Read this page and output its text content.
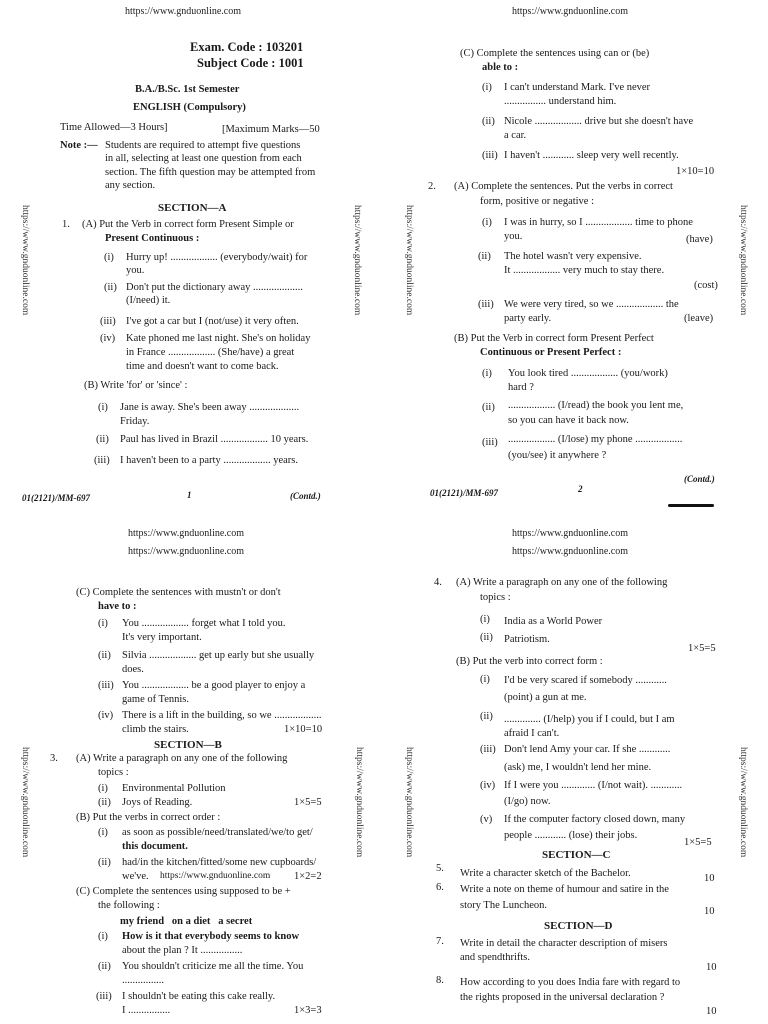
https://www.gnduonline.com
https://www.gnduonline.com	https://www.gnduonline.com
Exam. Code : 103201
Subject Code : 1001
B.A./B.Sc. 1st Semester
ENGLISH (Compulsory)
Time Allowed—3 Hours]	[Maximum Marks—50
Note :— Students are required to attempt five questions
in all, selecting at least one question from each
section. The fifth question may be attempted from
any section.
SECTION—A
1. (A) Put the Verb in correct form Present Simple or
Present Continuous :
(i) Hurry up! .................. (everybody/wait) for
you.
(ii) Don't put the dictionary away ...................
(I/need) it.
(iii) I've got a car but I (not/use) it very often.
(iv) Kate phoned me last night. She's on holiday
in France .................. (She/have) a great
time and doesn't want to come back.
(B) Write 'for' or 'since' :
(i) Jane is away. She's been away ...................
Friday.
(ii) Paul has lived in Brazil .................. 10 years.
(iii) I haven't been to a party .................. years.
01(2121)/MM-697	1	(Contd.)
https://www.gnduonline.com
https://www.gnduonline.com	https://www.gnduonline.com
(C) Complete the sentences using can or (be)
able to :
(i) I can't understand Mark. I've never
................ understand him.
(ii) Nicole .................. drive but she doesn't have
a car.
(iii) I haven't ............ sleep very well recently.
1×10=10
2. (A) Complete the sentences. Put the verbs in correct
form, positive or negative :
(i) I was in hurry, so I .................. time to phone
you.	(have)
(ii) The hotel wasn't very expensive.
It .................. very much to stay there.
(cost)
(iii) We were very tired, so we .................. the
party early.	(leave)
(B) Put the Verb in correct form Present Perfect
Continuous or Present Perfect :
(i) You look tired .................. (you/work)
hard ?
(ii) .................. (I/read) the book you lent me,
so you can have it back now.
(iii) .................. (I/lose) my phone ..................
(you/see) it anywhere ?
(Contd.)
01(2121)/MM-697	2
https://www.gnduonline.com
https://www.gnduonline.com
https://www.gnduonline.com	https://www.gnduonline.com
(C) Complete the sentences with mustn't or don't
have to :
(i) You .................. forget what I told you.
It's very important.
(ii) Silvia .................. get up early but she usually
does.
(iii) You .................. be a good player to enjoy a
game of Tennis.
(iv) There is a lift in the building, so we ..................
climb the stairs.	1×10=10
SECTION—B
3. (A) Write a paragraph on any one of the following
topics :
(i) Environmental Pollution
(ii) Joys of Reading.	1×5=5
(B) Put the verbs in correct order :
(i) as soon as possible/need/translated/we/to get/
this document.
(ii) had/in the kitchen/fitted/some new cupboards/
we've. https://www.gnduonline.com 1×2=2
(C) Complete the sentences using supposed to be +
the following :
my friend   on a diet   a secret
(i) How is it that everybody seems to know
about the plan ? It ................
(ii) You shouldn't criticize me all the time. You
................
(iii) I shouldn't be eating this cake really.
I ................	1×3=3
https://www.gnduonline.com
https://www.gnduonline.com
https://www.gnduonline.com	https://www.gnduonline.com
4. (A) Write a paragraph on any one of the following
topics :
(i) India as a World Power
(ii) Patriotism.
1×5=5
(B) Put the verb into correct form :
(i) I'd be very scared if somebody ............
(point) a gun at me.
(ii) .............. (I/help) you if I could, but I am
afraid I can't.
(iii) Don't lend Amy your car. If she ............
(ask) me, I wouldn't lend her mine.
(iv) If I were you ............. (I/not wait). ............
(I/go) now.
(v) If the computer factory closed down, many
people ............ (lose) their jobs.
1×5=5
SECTION—C
5. Write a character sketch of the Bachelor.	10
6. Write a note on theme of humour and satire in the
story The Luncheon.
10
SECTION—D
7. Write in detail the character description of misers
and spendthrifts.
10
8. How according to you does India fare with regard to
the rights proposed in the universal declaration ?
10
